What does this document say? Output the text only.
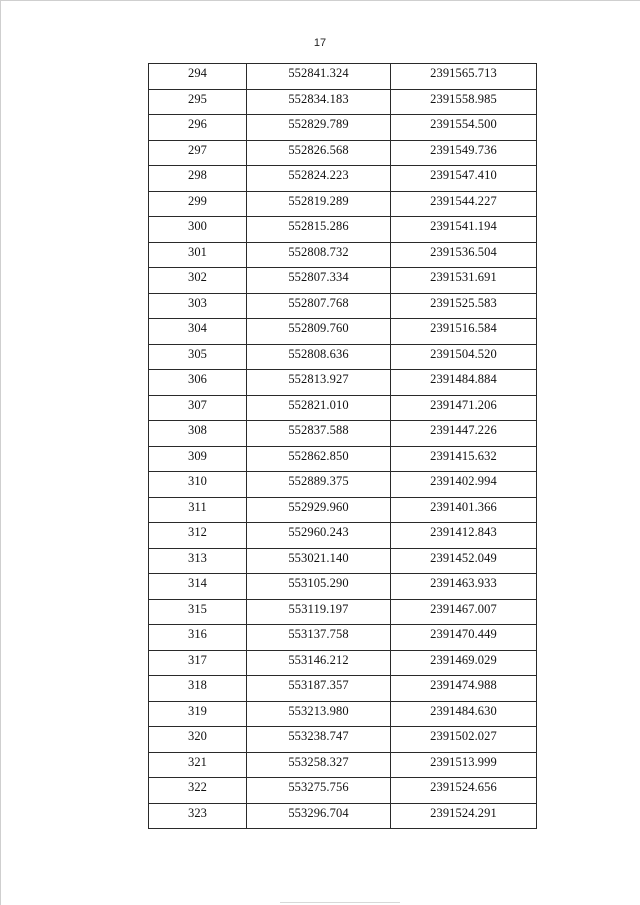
17
294	552841.324	2391565.713
295	552834.183	2391558.985
296	552829.789	2391554.500
297	552826.568	2391549.736
298	552824.223	2391547.410
299	552819.289	2391544.227
300	552815.286	2391541.194
301	552808.732	2391536.504
302	552807.334	2391531.691
303	552807.768	2391525.583
304	552809.760	2391516.584
305	552808.636	2391504.520
306	552813.927	2391484.884
307	552821.010	2391471.206
308	552837.588	2391447.226
309	552862.850	2391415.632
310	552889.375	2391402.994
311	552929.960	2391401.366
312	552960.243	2391412.843
313	553021.140	2391452.049
314	553105.290	2391463.933
315	553119.197	2391467.007
316	553137.758	2391470.449
317	553146.212	2391469.029
318	553187.357	2391474.988
319	553213.980	2391484.630
320	553238.747	2391502.027
321	553258.327	2391513.999
322	553275.756	2391524.656
323	553296.704	2391524.291
